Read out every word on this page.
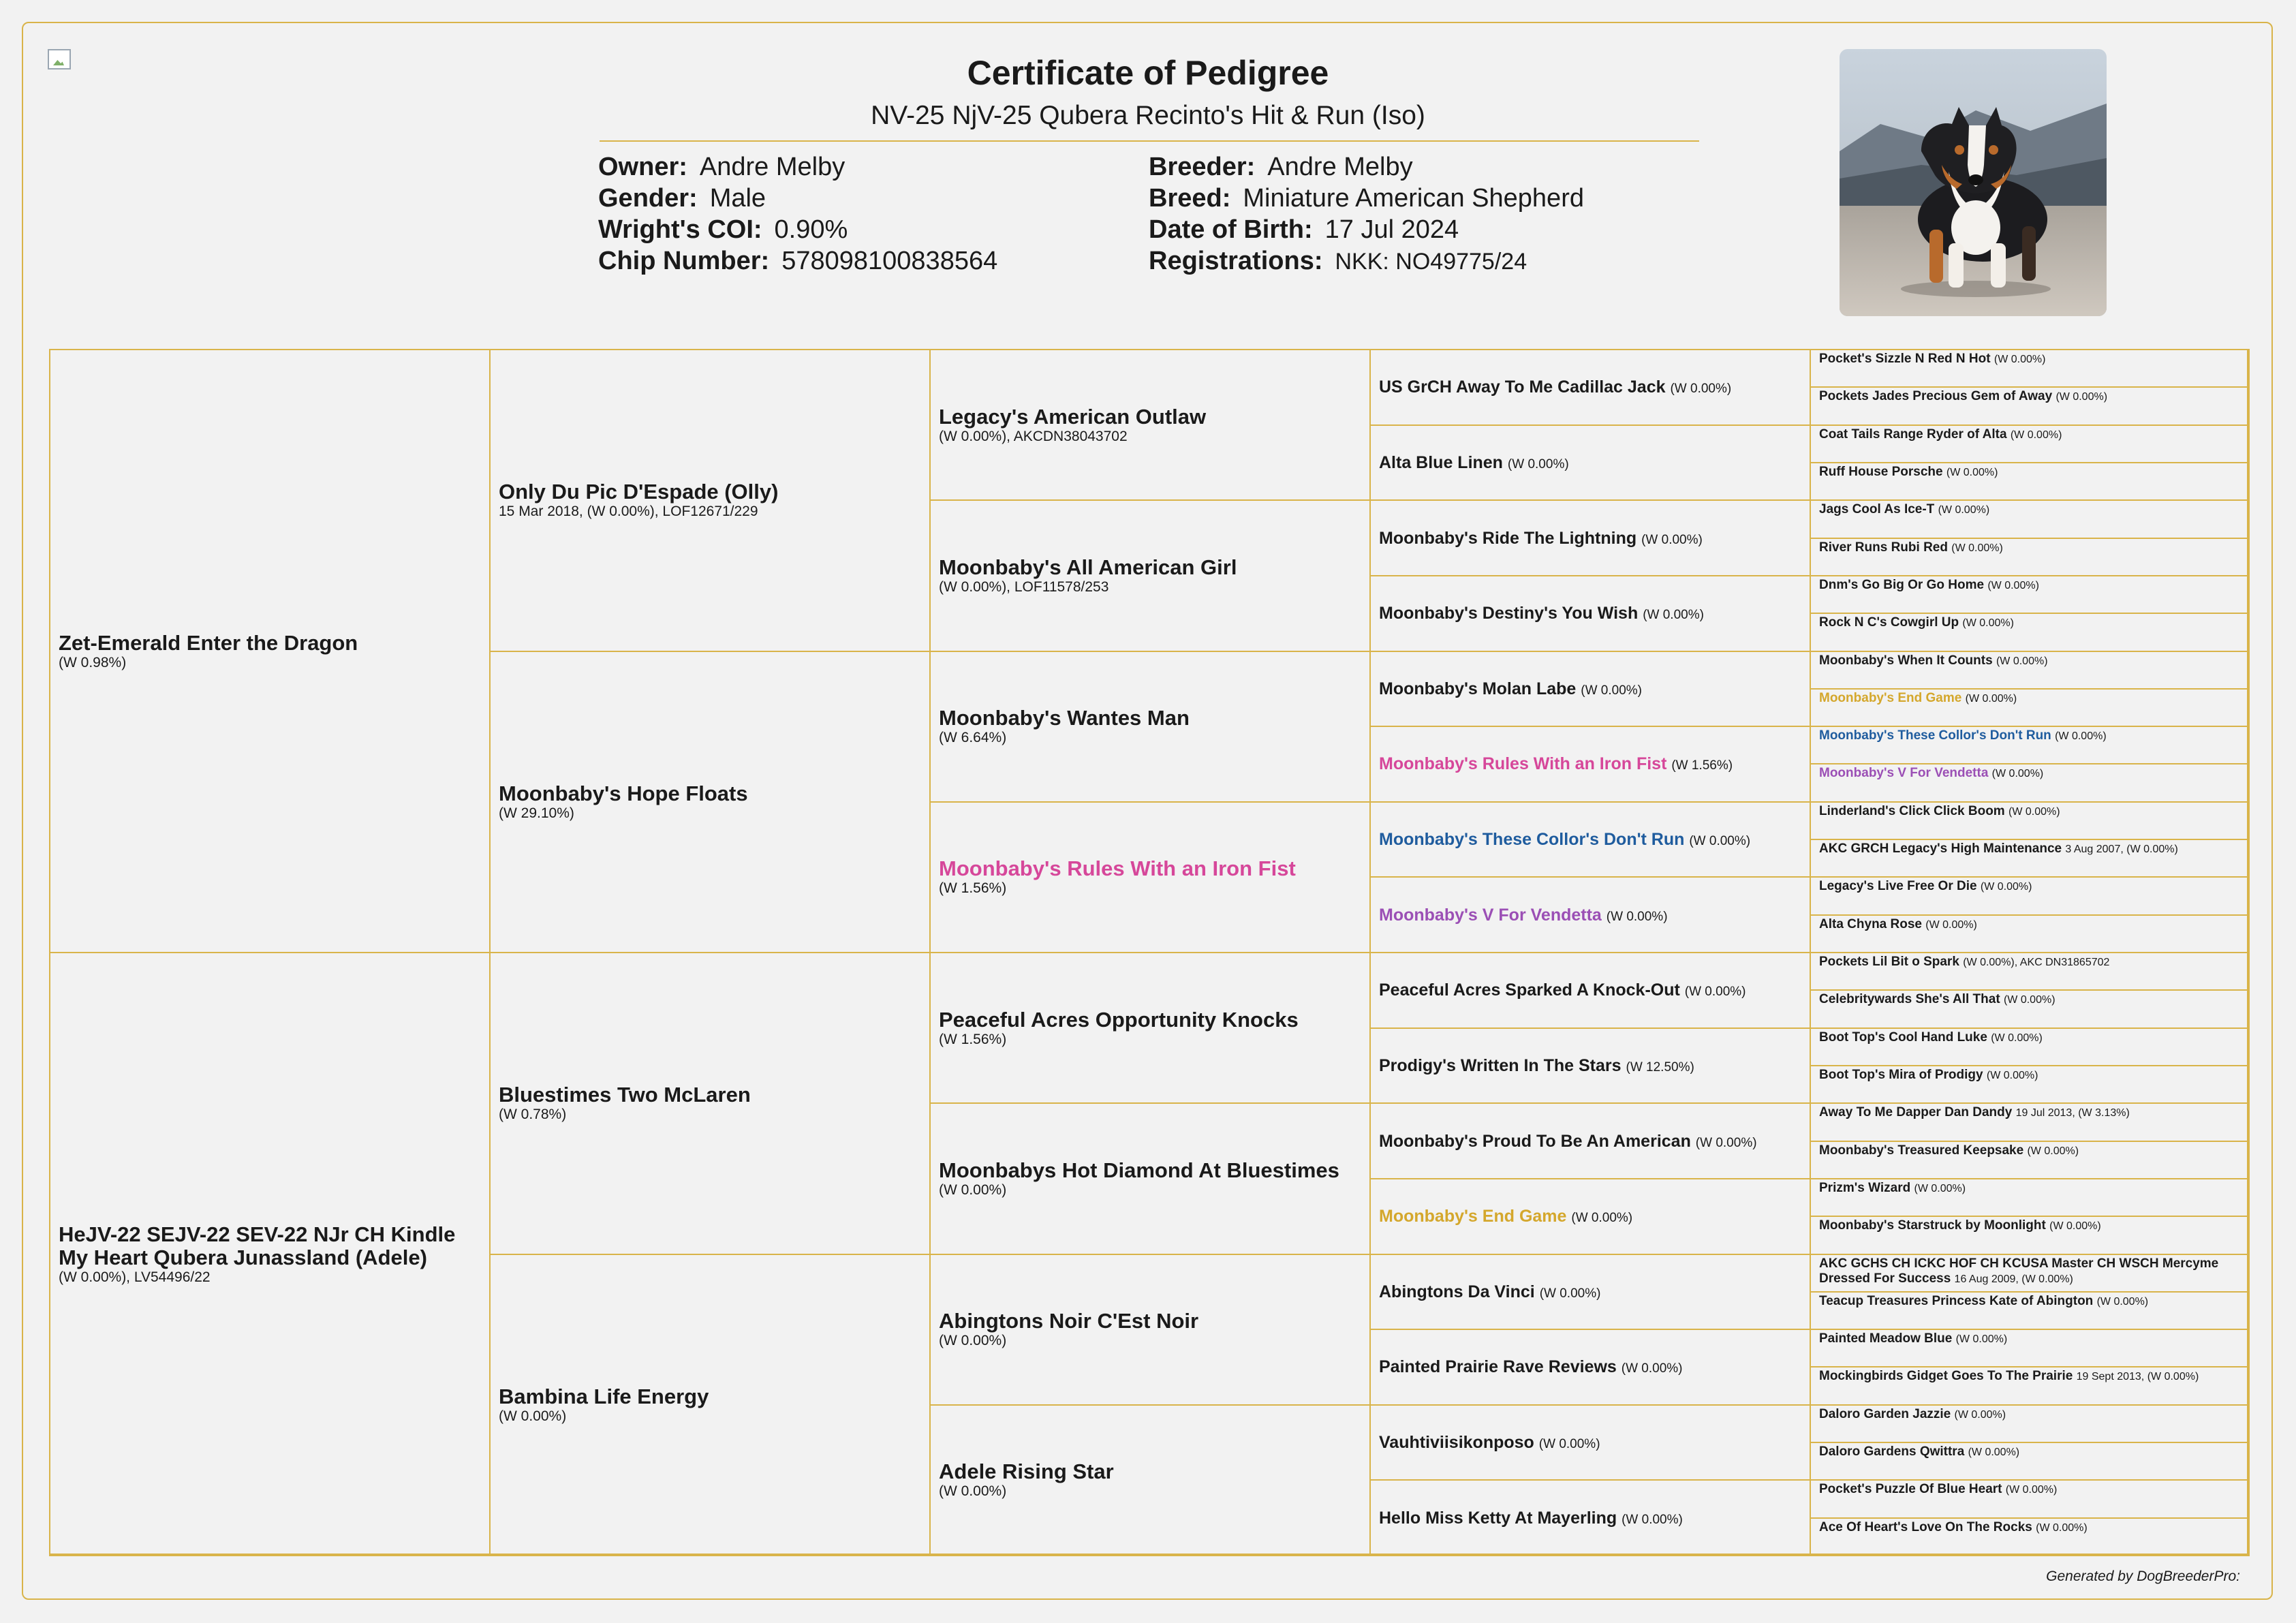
Certificate of Pedigree
NV-25 NjV-25 Qubera Recinto's Hit & Run (Iso)
Owner: Andre Melby
Gender: Male
Wright's COI: 0.90%
Chip Number: 578098100838564
Breeder: Andre Melby
Breed: Miniature American Shepherd
Date of Birth: 17 Jul 2024
Registrations: NKK: NO49775/24
Zet-Emerald Enter the Dragon
(W 0.98%)
HeJV-22 SEJV-22 SEV-22 NJr CH Kindle My Heart Qubera Junassland (Adele)
(W 0.00%), LV54496/22
Only Du Pic D'Espade (Olly)
15 Mar 2018, (W 0.00%), LOF12671/229
Moonbaby's Hope Floats
(W 29.10%)
Bluestimes Two McLaren
(W 0.78%)
Bambina Life Energy
(W 0.00%)
Legacy's American Outlaw
(W 0.00%), AKCDN38043702
Moonbaby's All American Girl
(W 0.00%), LOF11578/253
Moonbaby's Wantes Man
(W 6.64%)
Moonbaby's Rules With an Iron Fist
(W 1.56%)
Peaceful Acres Opportunity Knocks
(W 1.56%)
Moonbabys Hot Diamond At Bluestimes
(W 0.00%)
Abingtons Noir C'Est Noir
(W 0.00%)
Adele Rising Star
(W 0.00%)
US GrCH Away To Me Cadillac Jack (W 0.00%)
Alta Blue Linen (W 0.00%)
Moonbaby's Ride The Lightning (W 0.00%)
Moonbaby's Destiny's You Wish (W 0.00%)
Moonbaby's Molan Labe (W 0.00%)
Moonbaby's Rules With an Iron Fist (W 1.56%)
Moonbaby's These Collor's Don't Run (W 0.00%)
Moonbaby's V For Vendetta (W 0.00%)
Peaceful Acres Sparked A Knock-Out (W 0.00%)
Prodigy's Written In The Stars (W 12.50%)
Moonbaby's Proud To Be An American (W 0.00%)
Moonbaby's End Game (W 0.00%)
Abingtons Da Vinci (W 0.00%)
Painted Prairie Rave Reviews (W 0.00%)
Vauhtiviisikonposo (W 0.00%)
Hello Miss Ketty At Mayerling (W 0.00%)
Pocket's Sizzle N Red N Hot (W 0.00%)
Pockets Jades Precious Gem of Away (W 0.00%)
Coat Tails Range Ryder of Alta (W 0.00%)
Ruff House Porsche (W 0.00%)
Jags Cool As Ice-T (W 0.00%)
River Runs Rubi Red (W 0.00%)
Dnm's Go Big Or Go Home (W 0.00%)
Rock N C's Cowgirl Up (W 0.00%)
Moonbaby's When It Counts (W 0.00%)
Moonbaby's End Game (W 0.00%)
Moonbaby's These Collor's Don't Run (W 0.00%)
Moonbaby's V For Vendetta (W 0.00%)
Linderland's Click Click Boom (W 0.00%)
AKC GRCH Legacy's High Maintenance 3 Aug 2007, (W 0.00%)
Legacy's Live Free Or Die (W 0.00%)
Alta Chyna Rose (W 0.00%)
Pockets Lil Bit o Spark (W 0.00%), AKC DN31865702
Celebritywards She's All That (W 0.00%)
Boot Top's Cool Hand Luke (W 0.00%)
Boot Top's Mira of Prodigy (W 0.00%)
Away To Me Dapper Dan Dandy 19 Jul 2013, (W 3.13%)
Moonbaby's Treasured Keepsake (W 0.00%)
Prizm's Wizard (W 0.00%)
Moonbaby's Starstruck by Moonlight (W 0.00%)
AKC GCHS CH ICKC HOF CH KCUSA Master CH WSCH Mercyme Dressed For Success 16 Aug 2009, (W 0.00%)
Teacup Treasures Princess Kate of Abington (W 0.00%)
Painted Meadow Blue (W 0.00%)
Mockingbirds Gidget Goes To The Prairie 19 Sept 2013, (W 0.00%)
Daloro Garden Jazzie (W 0.00%)
Daloro Gardens Qwittra (W 0.00%)
Pocket's Puzzle Of Blue Heart (W 0.00%)
Ace Of Heart's Love On The Rocks (W 0.00%)
Generated by DogBreederPro:
